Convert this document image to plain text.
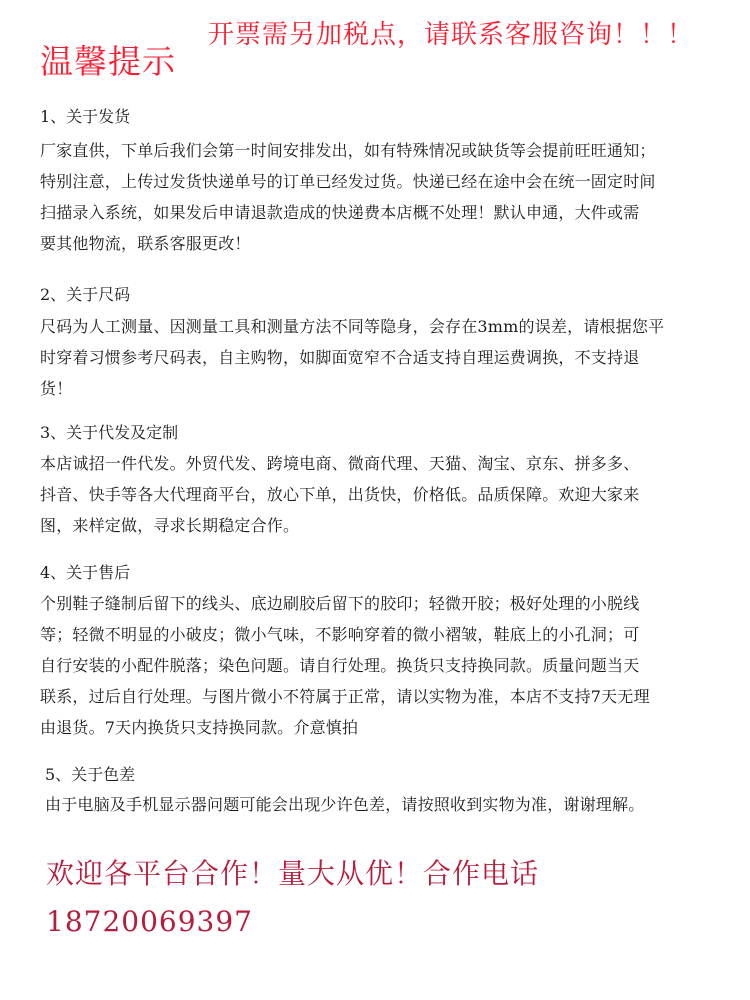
开票需另加税点，请联系客服咨询！！！
温馨提示
1、关于发货
厂家直供，下单后我们会第一时间安排发出，如有特殊情况或缺货等会提前旺旺通知；
特别注意，上传过发货快递单号的订单已经发过货。快递已经在途中会在统一固定时间
扫描录入系统，如果发后申请退款造成的快递费本店概不处理！默认申通，大件或需
要其他物流，联系客服更改！
2、关于尺码
尺码为人工测量、因测量工具和测量方法不同等隐身，会存在3mm的误差，请根据您平
时穿着习惯参考尺码表，自主购物，如脚面宽窄不合适支持自理运费调换，不支持退
货！
3、关于代发及定制
本店诚招一件代发。外贸代发、跨境电商、微商代理、天猫、淘宝、京东、拼多多、
抖音、快手等各大代理商平台，放心下单，出货快，价格低。品质保障。欢迎大家来
图，来样定做，寻求长期稳定合作。
4、关于售后
个别鞋子缝制后留下的线头、底边刷胶后留下的胶印；轻微开胶；极好处理的小脱线
等；轻微不明显的小破皮；微小气味，不影响穿着的微小褶皱，鞋底上的小孔洞；可
自行安装的小配件脱落；染色问题。请自行处理。换货只支持换同款。质量问题当天
联系，过后自行处理。与图片微小不符属于正常，请以实物为准，本店不支持7天无理
由退货。7天内换货只支持换同款。介意慎拍
5、关于色差
由于电脑及手机显示器问题可能会出现少许色差，请按照收到实物为准，谢谢理解。
欢迎各平台合作！量大从优！合作电话
18720069397
